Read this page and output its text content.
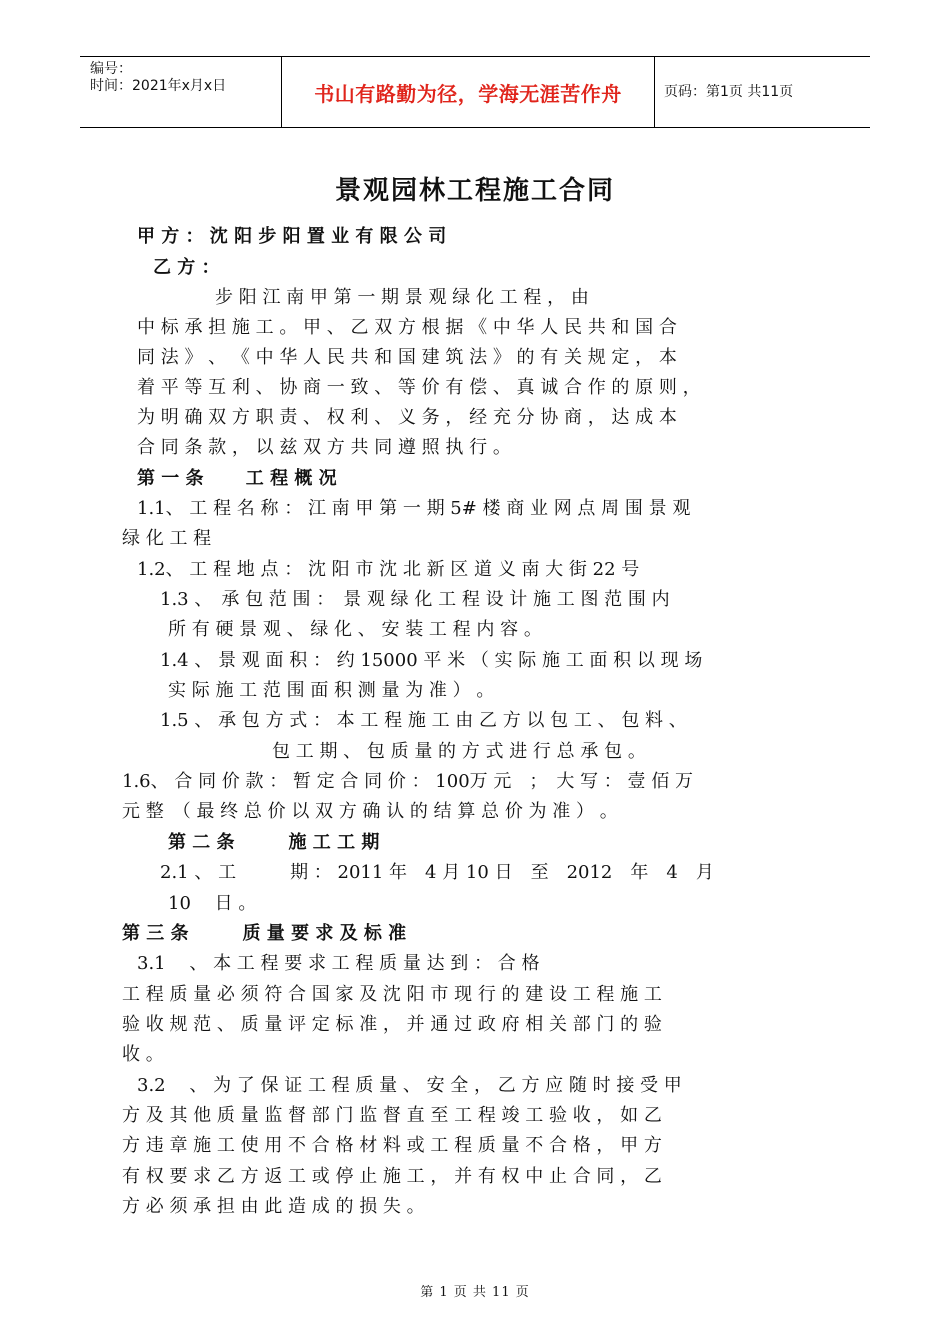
编号：
时间：2021年x月x日	书山有路勤为径，学海无涯苦作舟	页码：第1页 共11页
景观园林工程施工合同
甲 方 ： 沈 阳 步 阳 置 业 有 限 公 司
乙 方 ：
步 阳 江 南 甲 第 一 期 景 观 绿 化 工 程 ， 由
中 标 承 担 施 工 。 甲 、 乙 双 方 根 据 《 中 华 人 民 共 和 国 合
同 法 》 、 《 中 华 人 民 共 和 国 建 筑 法 》 的 有 关 规 定 ， 本
着 平 等 互 利 、 协 商 一 致 、 等 价 有 偿 、 真 诚 合 作 的 原 则 ，
为 明 确 双 方 职 责 、 权 利 、 义 务 ， 经 充 分 协 商 ， 达 成 本
合 同 条 款 ， 以 兹 双 方 共 同 遵 照 执 行 。
第 一 条　　 工 程 概 况
1.1、 工 程 名 称 ： 江 南 甲 第 一 期 5# 楼 商 业 网 点 周 围 景 观
绿 化 工 程
1.2、 工 程 地 点 ： 沈 阳 市 沈 北 新 区 道 义 南 大 街 22 号
1.3 、　承 包 范 围 ：　景 观 绿 化 工 程 设 计 施 工 图 范 围 内
所 有 硬 景 观 、 绿 化 、 安 装 工 程 内 容 。
1.4 、 景 观 面 积 ： 约 15000 平 米 （ 实 际 施 工 面 积 以 现 场
实 际 施 工 范 围 面 积 测 量 为 准 ） 。
1.5 、 承 包 方 式 ： 本 工 程 施 工 由 乙 方 以 包 工 、 包 料 、
包 工 期 、 包 质 量 的 方 式 进 行 总 承 包 。
1.6、 合 同 价 款 ： 暂 定 合 同 价 ： 100万 元　；　大 写 ： 壹 佰 万
元 整　（ 最 终 总 价 以 双 方 确 认 的 结 算 总 价 为 准 ） 。
第 二 条　　　施 工 工 期
2.1 、 工　　　期 ： 2011 年　4 月 10 日　至　2012　年　4　月
10　 日 。
第 三 条　　　质 量 要 求 及 标 准
3.1　 、 本 工 程 要 求 工 程 质 量 达 到 ： 合 格
工 程 质 量 必 须 符 合 国 家 及 沈 阳 市 现 行 的 建 设 工 程 施 工
验 收 规 范 、 质 量 评 定 标 准 ， 并 通 过 政 府 相 关 部 门 的 验
收 。
3.2　 、 为 了 保 证 工 程 质 量 、 安 全 ， 乙 方 应 随 时 接 受 甲
方 及 其 他 质 量 监 督 部 门 监 督 直 至 工 程 竣 工 验 收 ， 如 乙
方 违 章 施 工 使 用 不 合 格 材 料 或 工 程 质 量 不 合 格 ， 甲 方
有 权 要 求 乙 方 返 工 或 停 止 施 工 ， 并 有 权 中 止 合 同 ， 乙
方 必 须 承 担 由 此 造 成 的 损 失 。
第 1 页 共 11 页
